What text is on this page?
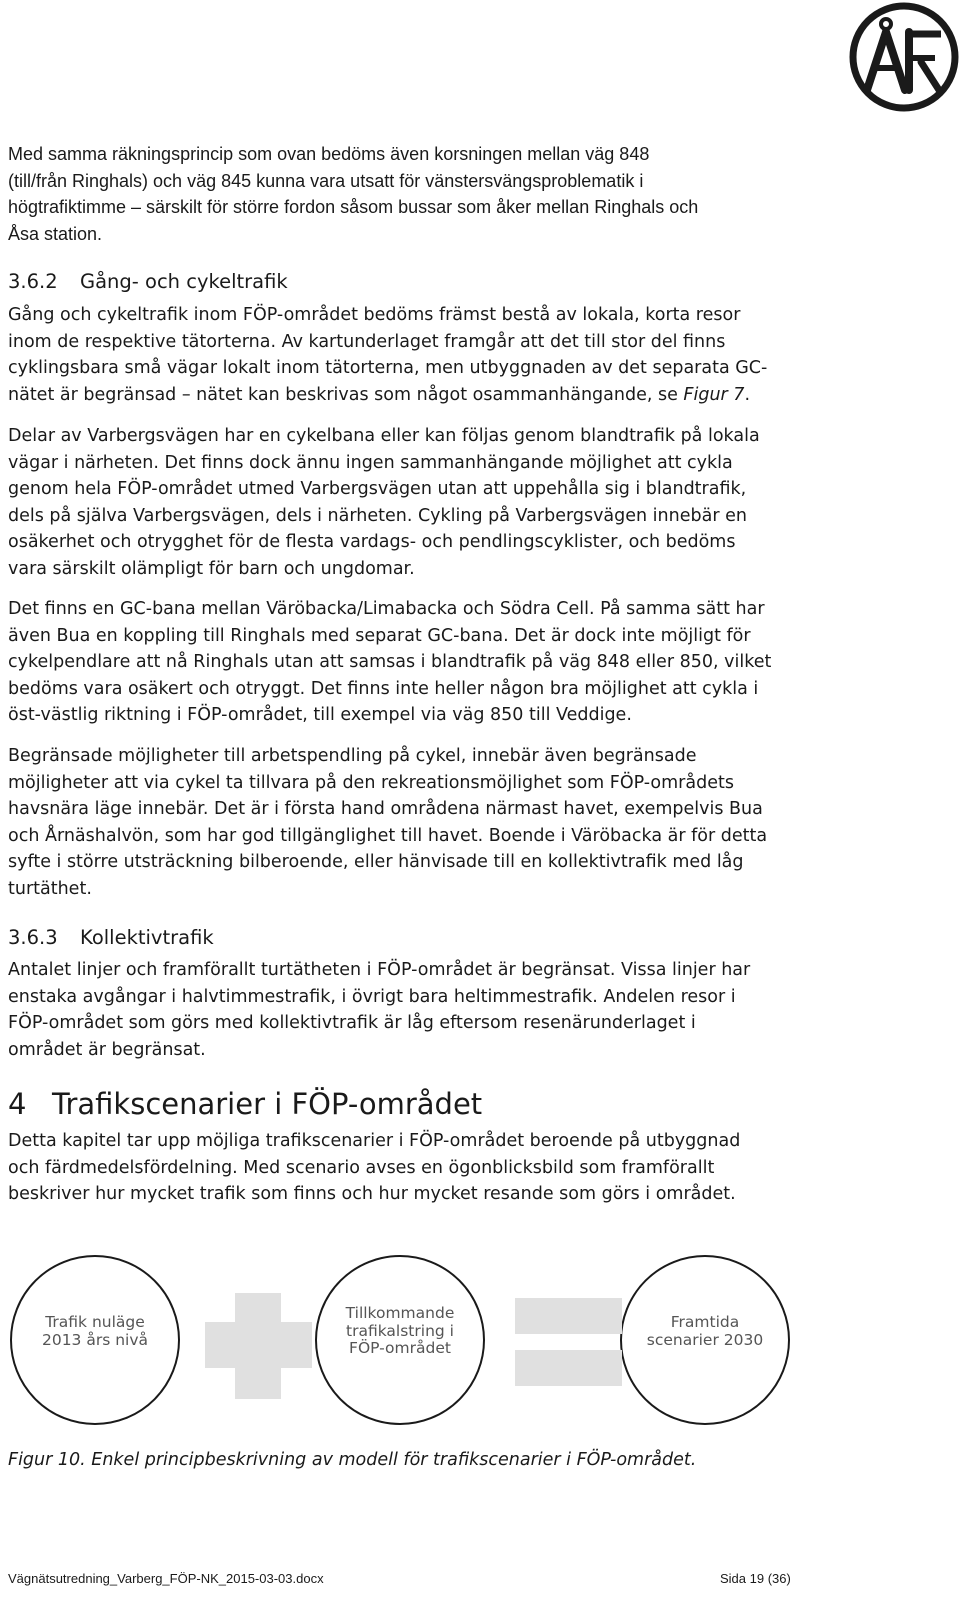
Med samma räkningsprincip som ovan bedöms även korsningen mellan väg 848
(till/från Ringhals) och väg 845 kunna vara utsatt för vänstersvängsproblematik i
högtrafiktimme – särskilt för större fordon såsom bussar som åker mellan Ringhals och
Åsa station.
3.6.2 Gång- och cykeltrafik
Gång och cykeltrafik inom FÖP-området bedöms främst bestå av lokala, korta resor
inom de respektive tätorterna. Av kartunderlaget framgår att det till stor del finns
cyklingsbara små vägar lokalt inom tätorterna, men utbyggnaden av det separata GC-
nätet är begränsad – nätet kan beskrivas som något osammanhängande, se Figur 7.
Delar av Varbergsvägen har en cykelbana eller kan följas genom blandtrafik på lokala
vägar i närheten. Det finns dock ännu ingen sammanhängande möjlighet att cykla
genom hela FÖP-området utmed Varbergsvägen utan att uppehålla sig i blandtrafik,
dels på själva Varbergsvägen, dels i närheten. Cykling på Varbergsvägen innebär en
osäkerhet och otrygghet för de flesta vardags- och pendlingscyklister, och bedöms
vara särskilt olämpligt för barn och ungdomar.
Det finns en GC-bana mellan Väröbacka/Limabacka och Södra Cell. På samma sätt har
även Bua en koppling till Ringhals med separat GC-bana. Det är dock inte möjligt för
cykelpendlare att nå Ringhals utan att samsas i blandtrafik på väg 848 eller 850, vilket
bedöms vara osäkert och otryggt. Det finns inte heller någon bra möjlighet att cykla i
öst-västlig riktning i FÖP-området, till exempel via väg 850 till Veddige.
Begränsade möjligheter till arbetspendling på cykel, innebär även begränsade
möjligheter att via cykel ta tillvara på den rekreationsmöjlighet som FÖP-områdets
havsnära läge innebär. Det är i första hand områdena närmast havet, exempelvis Bua
och Årnäshalvön, som har god tillgänglighet till havet. Boende i Väröbacka är för detta
syfte i större utsträckning bilberoende, eller hänvisade till en kollektivtrafik med låg
turtäthet.
3.6.3 Kollektivtrafik
Antalet linjer och framförallt turtätheten i FÖP-området är begränsat. Vissa linjer har
enstaka avgångar i halvtimmestrafik, i övrigt bara heltimmestrafik. Andelen resor i
FÖP-området som görs med kollektivtrafik är låg eftersom resenärunderlaget i
området är begränsat.
4 Trafikscenarier i FÖP-området
Detta kapitel tar upp möjliga trafikscenarier i FÖP-området beroende på utbyggnad
och färdmedelsfördelning. Med scenario avses en ögonblicksbild som framförallt
beskriver hur mycket trafik som finns och hur mycket resande som görs i området.
Trafik nuläge
2013 års nivå
Tillkommande
trafikalstring i
FÖP-området
Framtida
scenarier 2030

Figur 10. Enkel principbeskrivning av modell för trafikscenarier i FÖP-området.

Vägnätsutredning_Varberg_FÖP-NK_2015-03-03.docx	Sida 19 (36)
